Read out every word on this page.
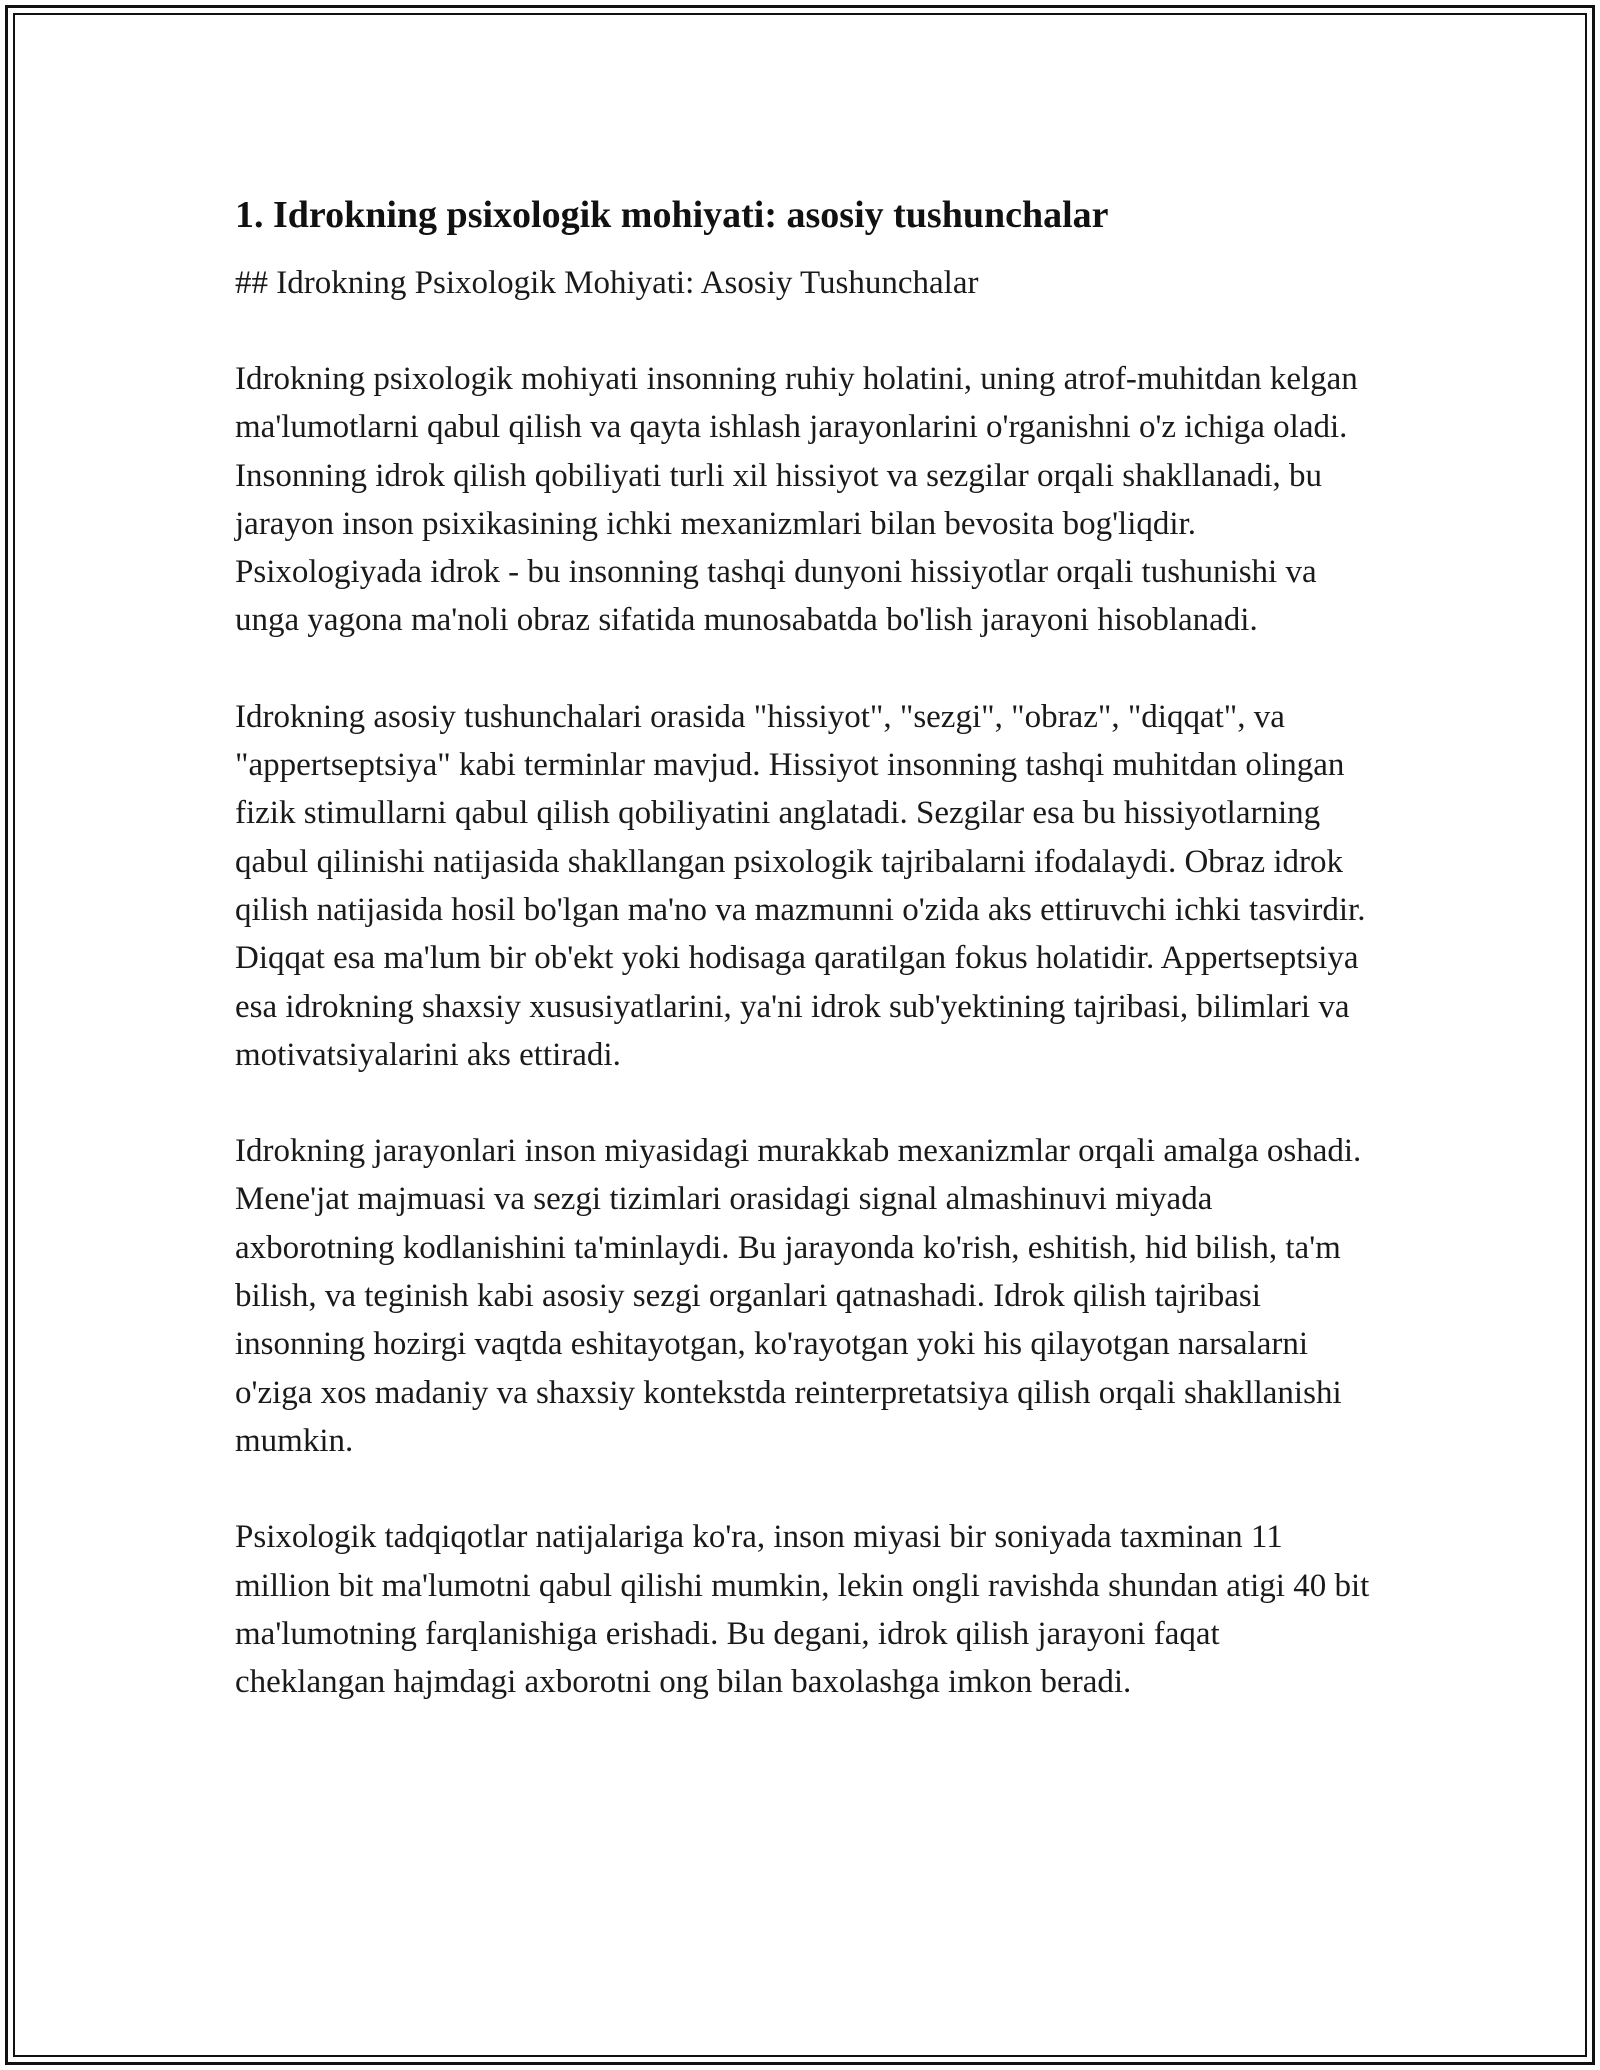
1. Idrokning psixologik mohiyati: asosiy tushunchalar
## Idrokning Psixologik Mohiyati: Asosiy Tushunchalar

Idrokning psixologik mohiyati insonning ruhiy holatini, uning atrof-muhitdan kelgan ma'lumotlarni qabul qilish va qayta ishlash jarayonlarini o'rganishni o'z ichiga oladi. Insonning idrok qilish qobiliyati turli xil hissiyot va sezgilar orqali shakllanadi, bu jarayon inson psixikasining ichki mexanizmlari bilan bevosita bog'liqdir. Psixologiyada idrok - bu insonning tashqi dunyoni hissiyotlar orqali tushunishi va unga yagona ma'noli obraz sifatida munosabatda bo'lish jarayoni hisoblanadi.

Idrokning asosiy tushunchalari orasida "hissiyot", "sezgi", "obraz", "diqqat", va "appertseptsiya" kabi terminlar mavjud. Hissiyot insonning tashqi muhitdan olingan fizik stimullarni qabul qilish qobiliyatini anglatadi. Sezgilar esa bu hissiyotlarning qabul qilinishi natijasida shakllangan psixologik tajribalarni ifodalaydi. Obraz idrok qilish natijasida hosil bo'lgan ma'no va mazmunni o'zida aks ettiruvchi ichki tasvirdir. Diqqat esa ma'lum bir ob'ekt yoki hodisaga qaratilgan fokus holatidir. Appertseptsiya esa idrokning shaxsiy xususiyatlarini, ya'ni idrok sub'yektining tajribasi, bilimlari va motivatsiyalarini aks ettiradi.

Idrokning jarayonlari inson miyasidagi murakkab mexanizmlar orqali amalga oshadi. Mene'jat majmuasi va sezgi tizimlari orasidagi signal almashinuvi miyada axborotning kodlanishini ta'minlaydi. Bu jarayonda ko'rish, eshitish, hid bilish, ta'm bilish, va teginish kabi asosiy sezgi organlari qatnashadi. Idrok qilish tajribasi insonning hozirgi vaqtda eshitayotgan, ko'rayotgan yoki his qilayotgan narsalarni o'ziga xos madaniy va shaxsiy kontekstda reinterpretatsiya qilish orqali shakllanishi mumkin.

Psixologik tadqiqotlar natijalariga ko'ra, inson miyasi bir soniyada taxminan 11 million bit ma'lumotni qabul qilishi mumkin, lekin ongli ravishda shundan atigi 40 bit ma'lumotning farqlanishiga erishadi. Bu degani, idrok qilish jarayoni faqat cheklangan hajmdagi axborotni ong bilan baxolashga imkon beradi.
